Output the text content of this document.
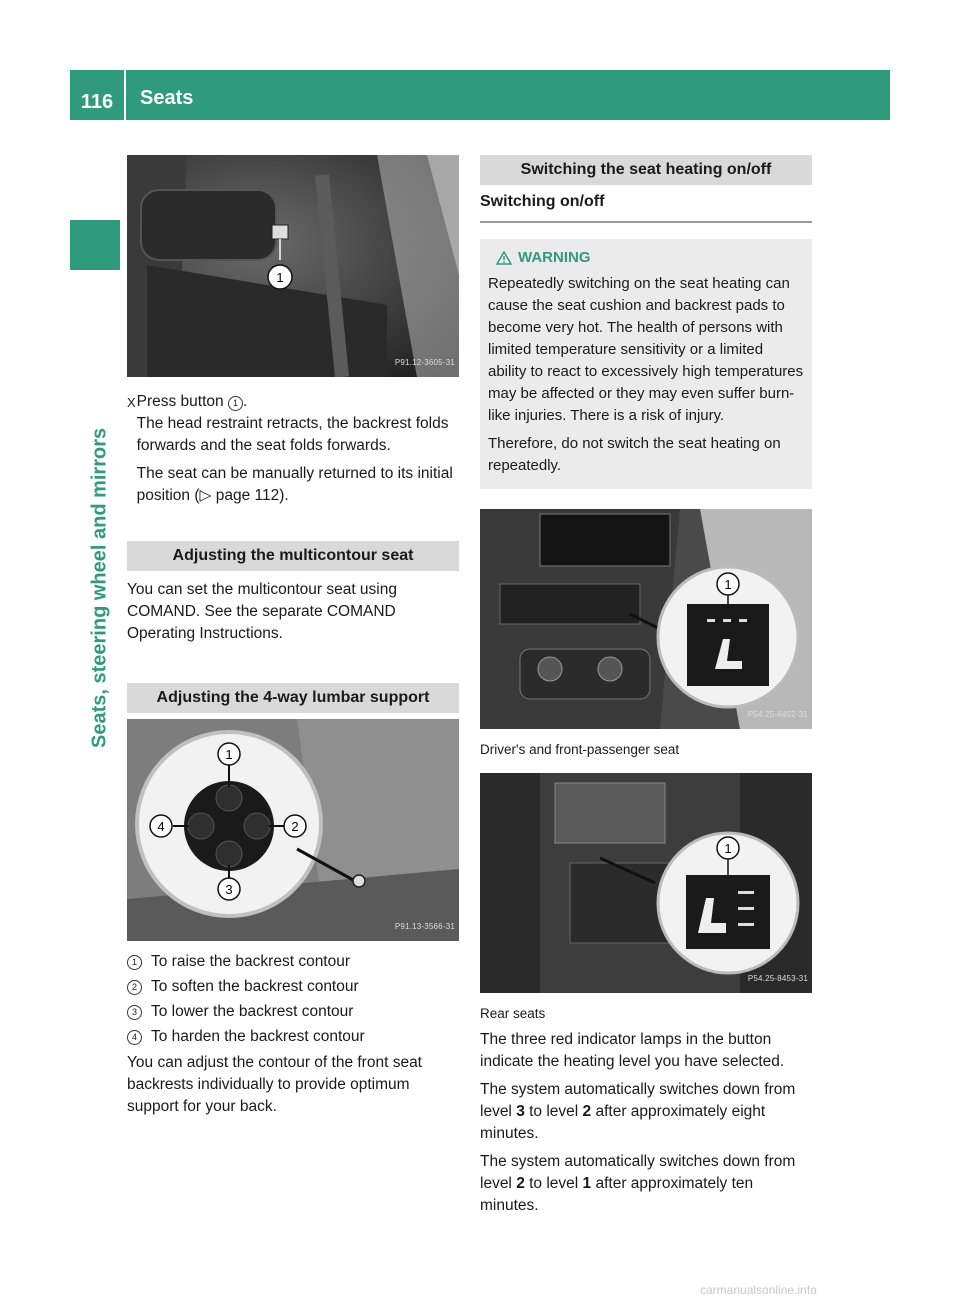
116	Seats
Seats, steering wheel and mirrors
1
P91.12-3605-31
X Press button 1 .
The head restraint retracts, the backrest folds forwards and the seat folds forwards.
The seat can be manually returned to its initial position (▷ page 112).
Adjusting the multicontour seat
You can set the multicontour seat using COMAND. See the separate COMAND Operating Instructions.
Adjusting the 4-way lumbar support
1
2
3
4
P91.13-3566-31
1 To raise the backrest contour
2 To soften the backrest contour
3 To lower the backrest contour
4 To harden the backrest contour
You can adjust the contour of the front seat backrests individually to provide optimum support for your back.
Switching the seat heating on/off
Switching on/off
WARNING
Repeatedly switching on the seat heating can cause the seat cushion and backrest pads to become very hot. The health of persons with limited temperature sensitivity or a limited ability to react to excessively high temperatures may be affected or they may even suffer burn-like injuries. There is a risk of injury.
Therefore, do not switch the seat heating on repeatedly.
1
P54.25-8452-31
Driver's and front-passenger seat
1
P54.25-8453-31
Rear seats
The three red indicator lamps in the button indicate the heating level you have selected.
The system automatically switches down from level 3 to level 2 after approximately eight minutes.
The system automatically switches down from level 2 to level 1 after approximately ten minutes.
carmanualsonline.info
